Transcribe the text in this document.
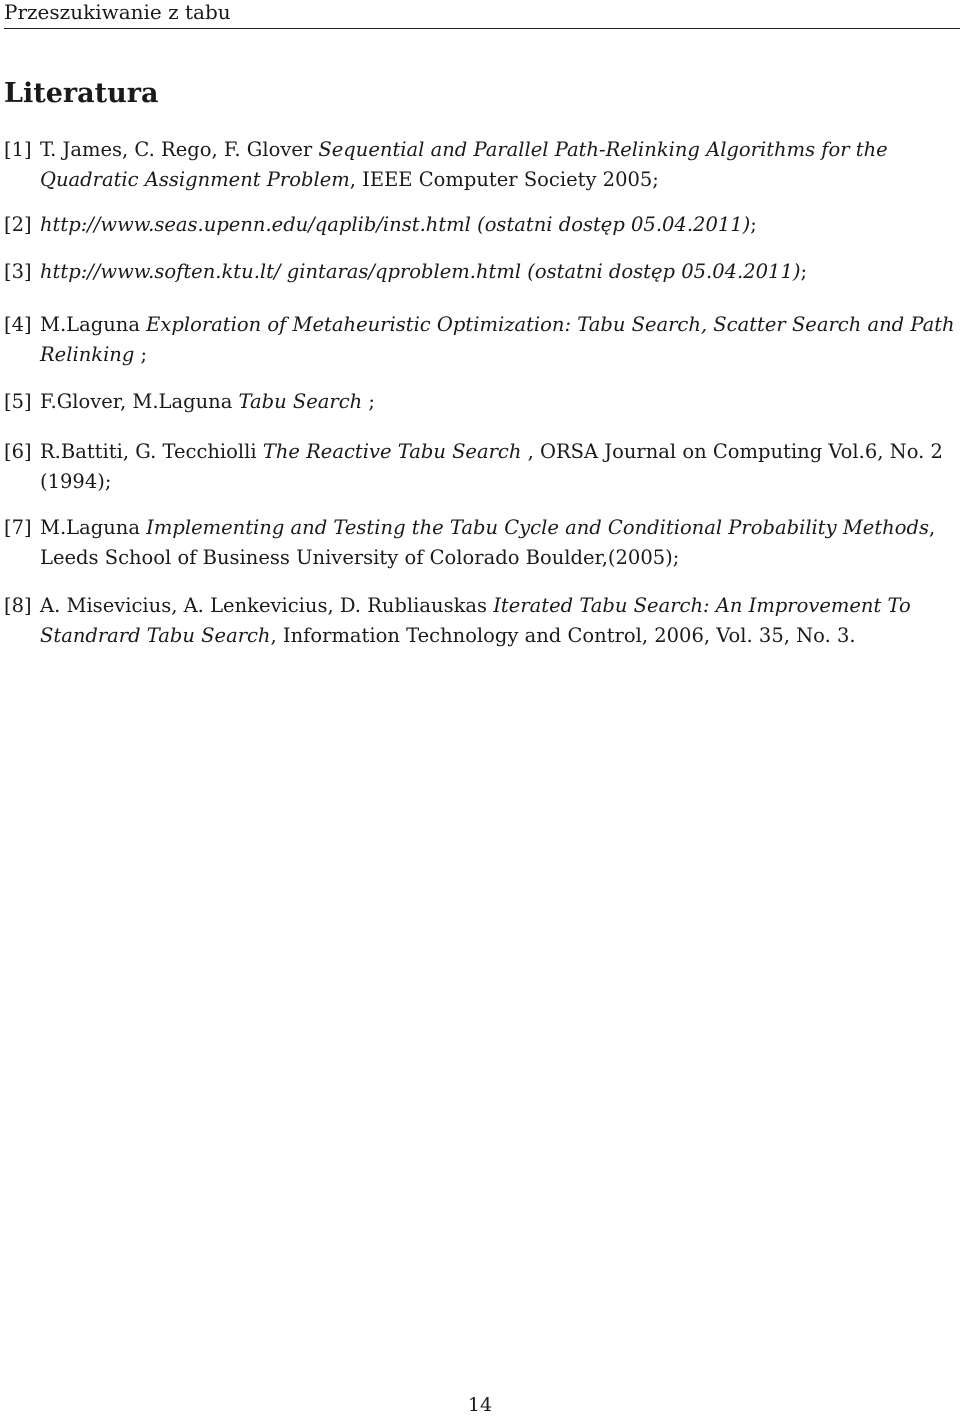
Przeszukiwanie z tabu
Literatura
[1] T. James, C. Rego, F. Glover Sequential and Parallel Path-Relinking Algorithms for the Quadratic Assignment Problem, IEEE Computer Society 2005;
[2] http://www.seas.upenn.edu/qaplib/inst.html (ostatni dostęp 05.04.2011);
[3] http://www.soften.ktu.lt/ gintaras/qproblem.html (ostatni dostęp 05.04.2011);
[4] M.Laguna Exploration of Metaheuristic Optimization: Tabu Search, Scatter Search and Path Relinking ;
[5] F.Glover, M.Laguna Tabu Search ;
[6] R.Battiti, G. Tecchiolli The Reactive Tabu Search , ORSA Journal on Computing Vol.6, No. 2 (1994);
[7] M.Laguna Implementing and Testing the Tabu Cycle and Conditional Probability Methods, Leeds School of Business University of Colorado Boulder,(2005);
[8] A. Misevicius, A. Lenkevicius, D. Rubliauskas Iterated Tabu Search: An Improvement To Standrard Tabu Search, Information Technology and Control, 2006, Vol. 35, No. 3.
14
